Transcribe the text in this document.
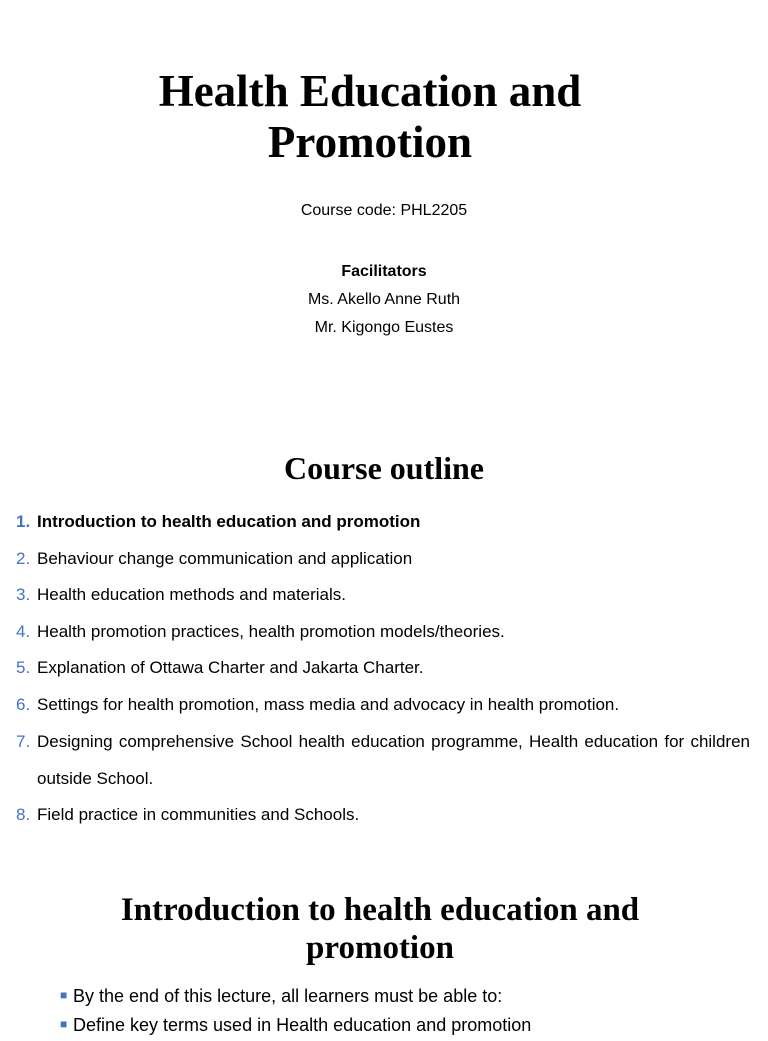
Health Education and Promotion
Course code: PHL2205
Facilitators
Ms. Akello Anne Ruth
Mr. Kigongo Eustes
Course outline
1. Introduction to health education and promotion
2. Behaviour change communication and application
3. Health education methods and materials.
4. Health promotion practices, health promotion models/theories.
5. Explanation of Ottawa Charter and Jakarta Charter.
6. Settings for health promotion, mass media and advocacy in health promotion.
7. Designing comprehensive School health education programme, Health education for children outside School.
8. Field practice in communities and Schools.
Introduction to health education and promotion
■ By the end of this lecture, all learners must be able to:
■ Define key terms used in Health education and promotion
